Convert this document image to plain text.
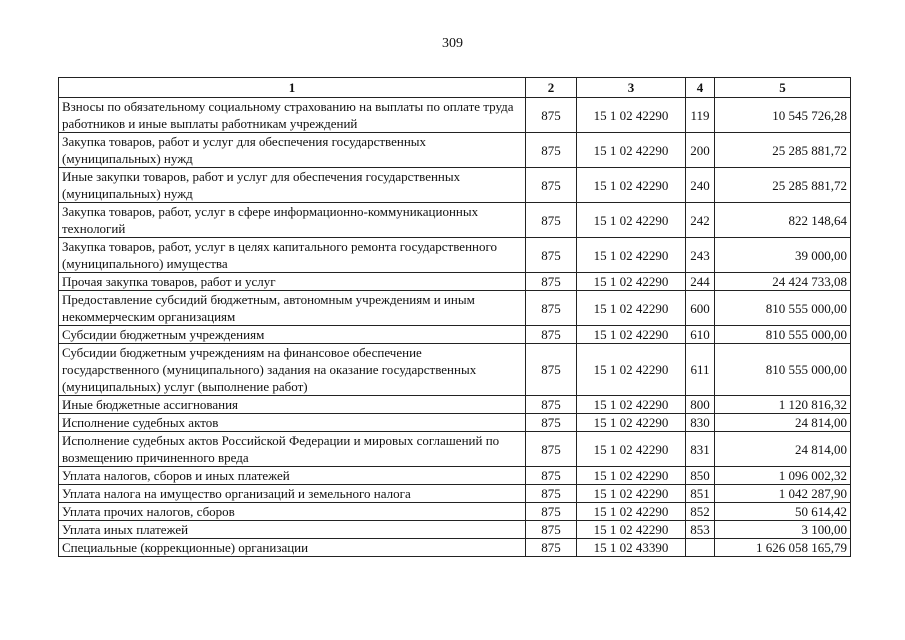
309
1	2	3	4	5
Взносы по обязательному социальному страхованию на выплаты по оплате труда работников и иные выплаты работникам учреждений	875	15 1 02 42290	119	10 545 726,28
Закупка товаров, работ и услуг для обеспечения государственных (муниципальных) нужд	875	15 1 02 42290	200	25 285 881,72
Иные закупки товаров, работ и услуг для обеспечения государственных (муниципальных) нужд	875	15 1 02 42290	240	25 285 881,72
Закупка товаров, работ, услуг в сфере информационно-коммуникационных технологий	875	15 1 02 42290	242	822 148,64
Закупка товаров, работ, услуг в целях капитального ремонта государственного (муниципального) имущества	875	15 1 02 42290	243	39 000,00
Прочая закупка товаров, работ и услуг	875	15 1 02 42290	244	24 424 733,08
Предоставление субсидий бюджетным, автономным учреждениям и иным некоммерческим организациям	875	15 1 02 42290	600	810 555 000,00
Субсидии бюджетным учреждениям	875	15 1 02 42290	610	810 555 000,00
Субсидии бюджетным учреждениям на финансовое обеспечение государственного (муниципального) задания на оказание государственных (муниципальных) услуг (выполнение работ)	875	15 1 02 42290	611	810 555 000,00
Иные бюджетные ассигнования	875	15 1 02 42290	800	1 120 816,32
Исполнение судебных актов	875	15 1 02 42290	830	24 814,00
Исполнение судебных актов Российской Федерации и мировых соглашений по возмещению причиненного вреда	875	15 1 02 42290	831	24 814,00
Уплата налогов, сборов и иных платежей	875	15 1 02 42290	850	1 096 002,32
Уплата налога на имущество организаций и земельного налога	875	15 1 02 42290	851	1 042 287,90
Уплата прочих налогов, сборов	875	15 1 02 42290	852	50 614,42
Уплата иных платежей	875	15 1 02 42290	853	3 100,00
Специальные (коррекционные) организации	875	15 1 02 43390		1 626 058 165,79
